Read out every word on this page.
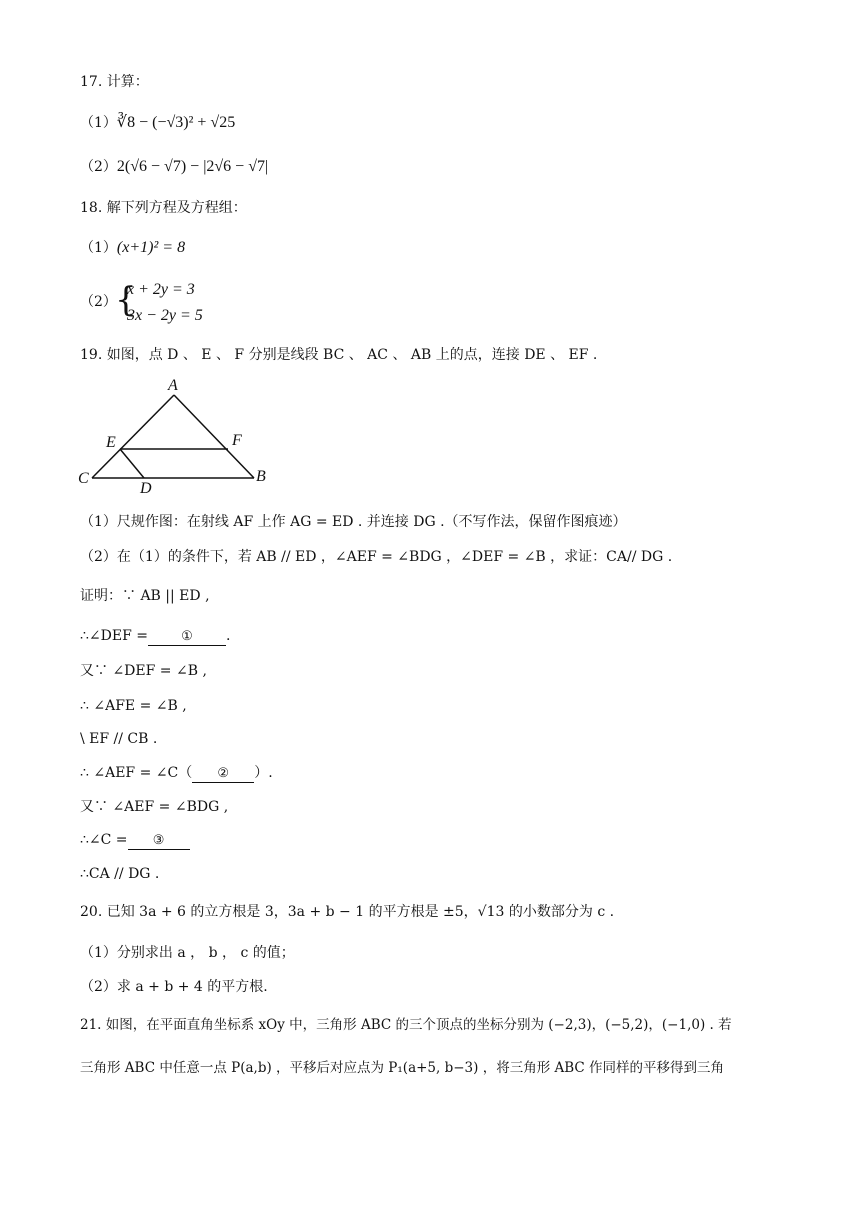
17. 计算：
（1）∛8 − (−√3)² + √25
（2）2(√6 − √7) − |2√6 − √7|
18. 解下列方程及方程组：
（1）(x+1)² = 8
（2）
{
x + 2y = 3
3x − 2y = 5
19. 如图，点 D 、 E 、 F 分别是线段 BC 、 AC 、 AB 上的点，连接 DE 、 EF .
A
E	F
C
D
B
（1）尺规作图：在射线 AF 上作 AG = ED . 并连接 DG .（不写作法，保留作图痕迹）
（2）在（1）的条件下，若 AB // ED ，∠AEF = ∠BDG ，∠DEF = ∠B ，求证：CA// DG .
证明：∵ AB || ED ,
∴∠DEF =	① .
又∵ ∠DEF = ∠B ,
∴ ∠AFE = ∠B ,
\ EF // CB .
∴ ∠AEF = ∠C（ ② ）.
又∵ ∠AEF = ∠BDG ,
∴∠C = ③
∴CA // DG .
20. 已知 3a + 6 的立方根是 3，3a + b − 1 的平方根是 ±5，√13 的小数部分为 c .
（1）分别求出 a ， b ， c 的值；
（2）求 a + b + 4 的平方根.
21. 如图，在平面直角坐标系 xOy 中，三角形 ABC 的三个顶点的坐标分别为 (−2,3)，(−5,2)，(−1,0) . 若
三角形 ABC 中任意一点 P(a,b) ，平移后对应点为 P₁(a+5, b−3) ，将三角形 ABC 作同样的平移得到三角
